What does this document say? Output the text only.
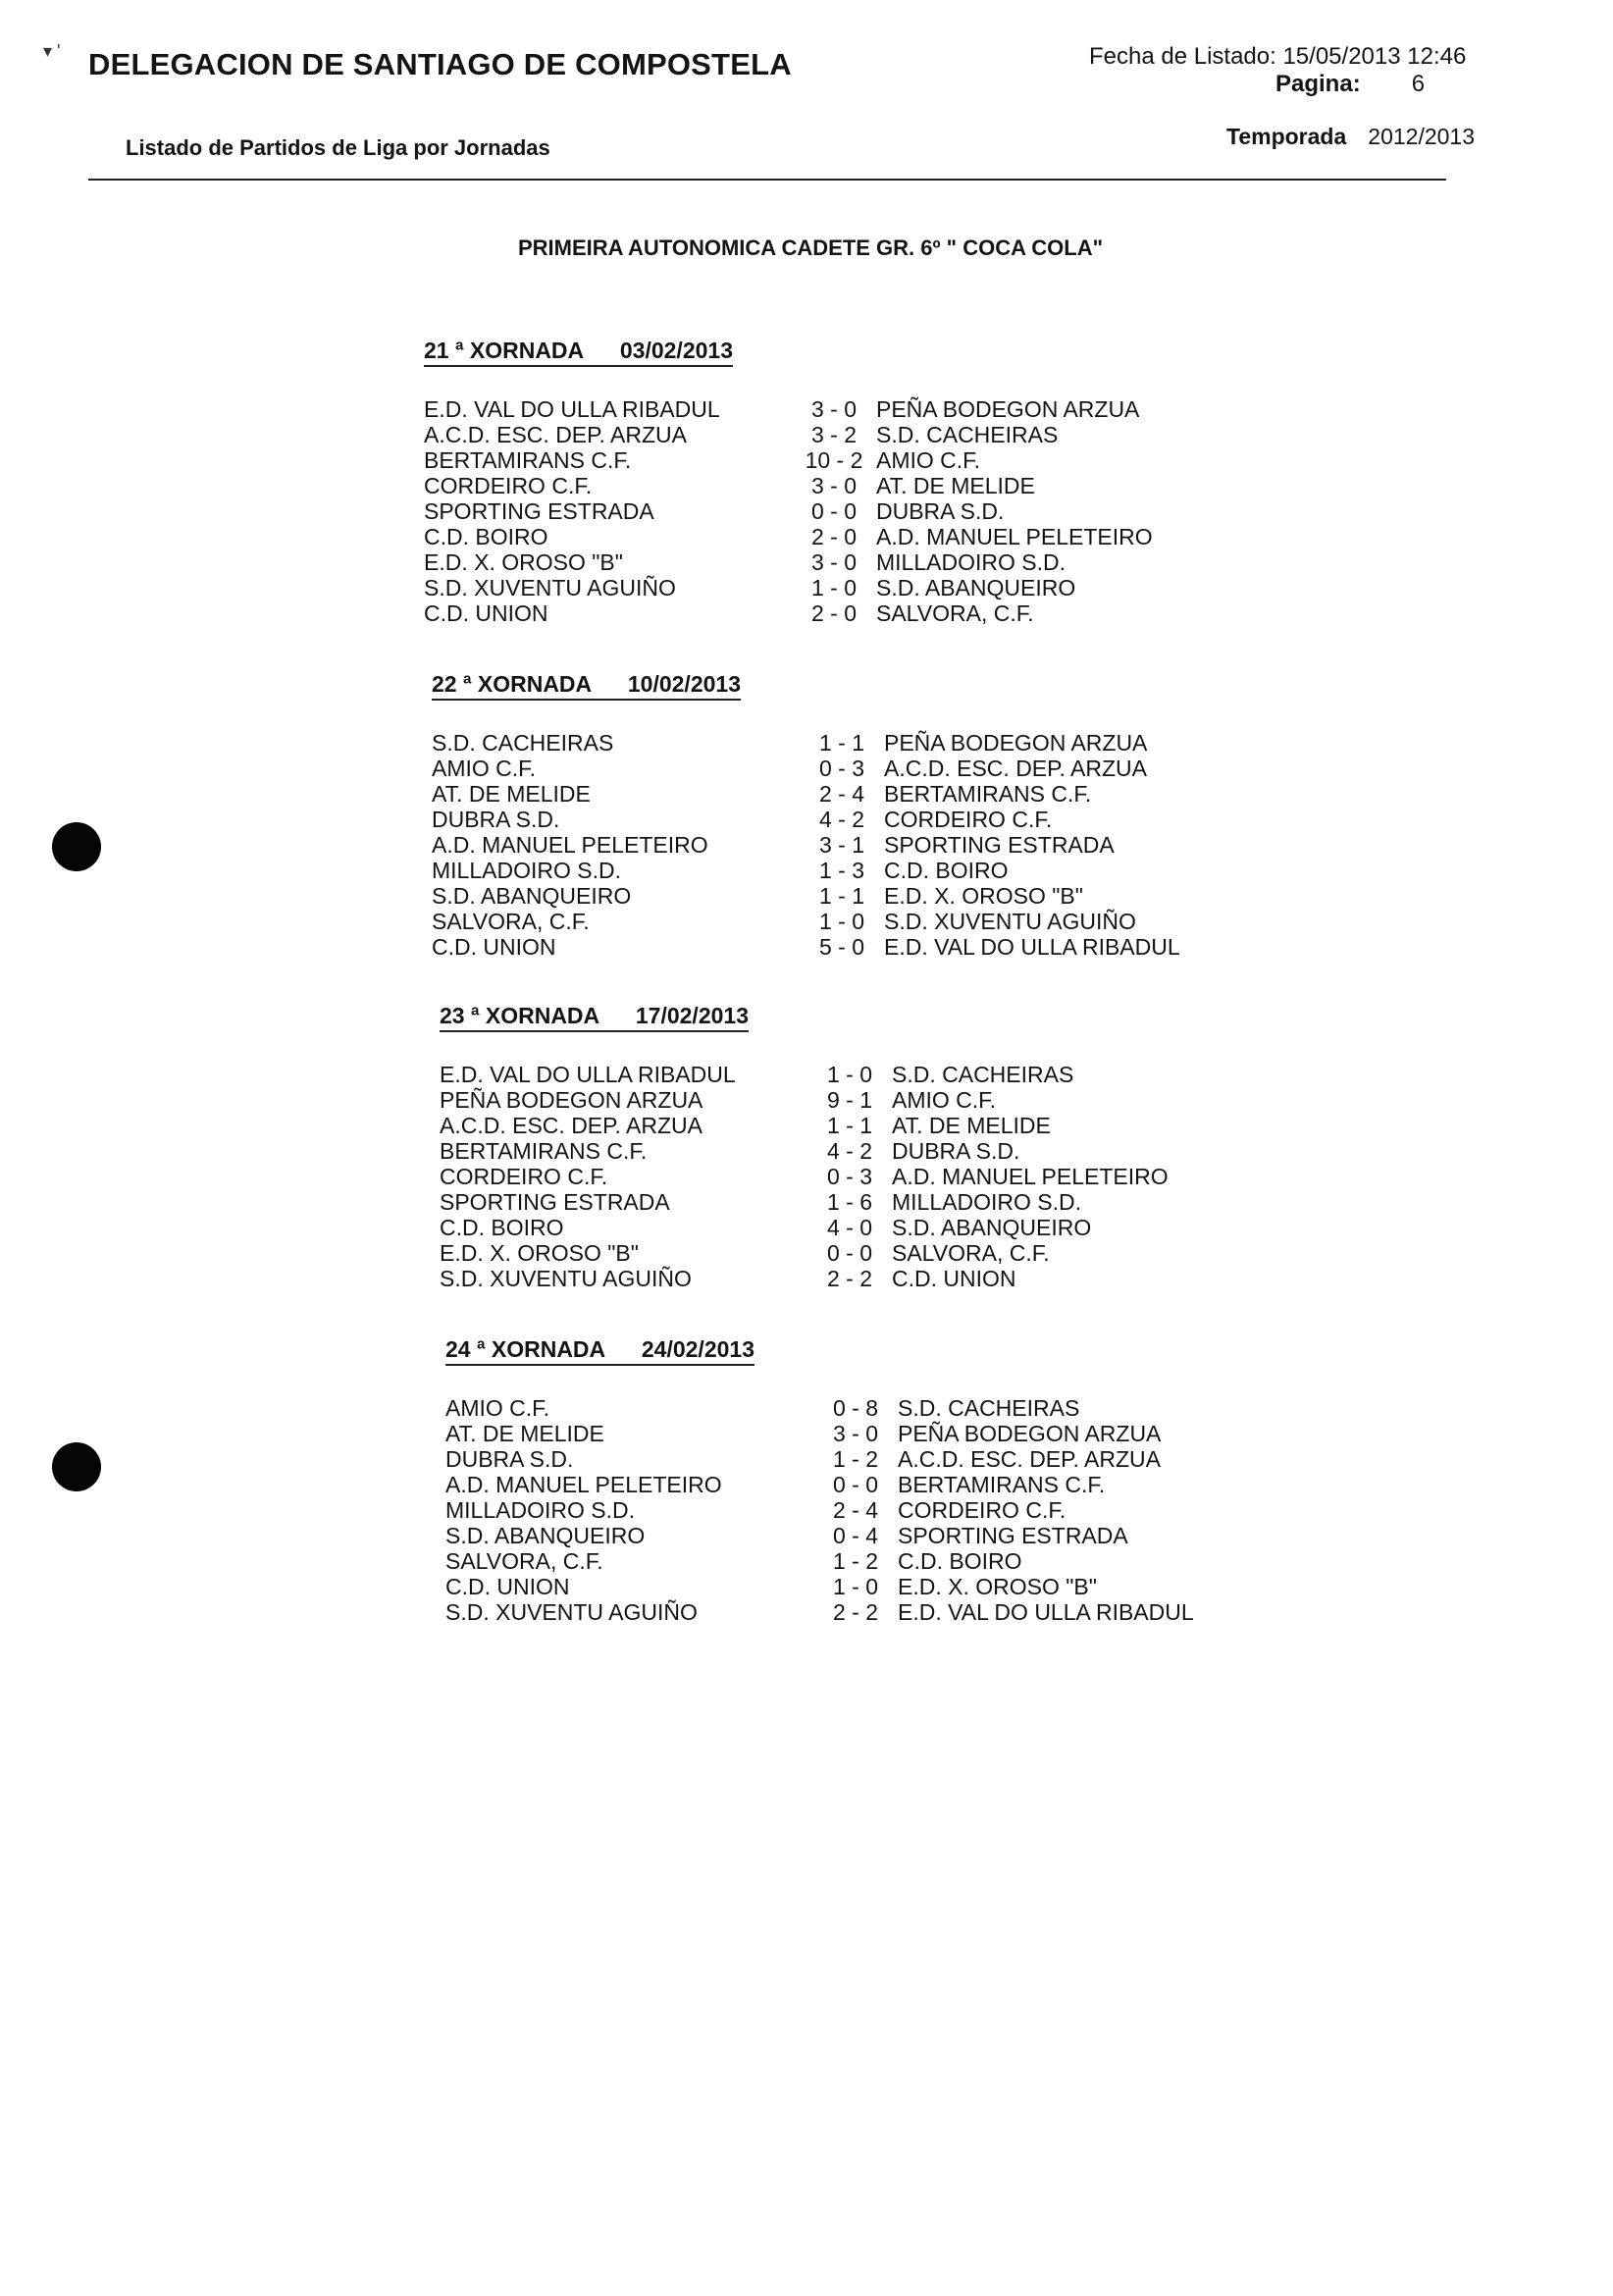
▾ ' DELEGACION DE SANTIAGO DE COMPOSTELA	Fecha de Listado: 15/05/2013 12:46
Pagina: 6
Listado de Partidos de Liga por Jornadas	Temporada 2012/2013
PRIMEIRA AUTONOMICA CADETE GR. 6º " COCA COLA"
21 ª XORNADA 03/02/2013
E.D. VAL DO ULLA RIBADUL	3 - 0 PEÑA BODEGON ARZUA
A.C.D. ESC. DEP. ARZUA	3 - 2 S.D. CACHEIRAS
BERTAMIRANS C.F.	10 - 2 AMIO C.F.
CORDEIRO C.F.	3 - 0 AT. DE MELIDE
SPORTING ESTRADA	0 - 0 DUBRA S.D.
C.D. BOIRO	2 - 0 A.D. MANUEL PELETEIRO
E.D. X. OROSO "B"	3 - 0 MILLADOIRO S.D.
S.D. XUVENTU AGUIÑO	1 - 0 S.D. ABANQUEIRO
C.D. UNION	2 - 0 SALVORA, C.F.
22 ª XORNADA 10/02/2013
S.D. CACHEIRAS	1 - 1 PEÑA BODEGON ARZUA
AMIO C.F.	0 - 3 A.C.D. ESC. DEP. ARZUA
AT. DE MELIDE	2 - 4 BERTAMIRANS C.F.
DUBRA S.D.	4 - 2 CORDEIRO C.F.
A.D. MANUEL PELETEIRO	3 - 1 SPORTING ESTRADA
MILLADOIRO S.D.	1 - 3 C.D. BOIRO
S.D. ABANQUEIRO	1 - 1 E.D. X. OROSO "B"
SALVORA, C.F.	1 - 0 S.D. XUVENTU AGUIÑO
C.D. UNION	5 - 0 E.D. VAL DO ULLA RIBADUL
23 ª XORNADA 17/02/2013
E.D. VAL DO ULLA RIBADUL	1 - 0 S.D. CACHEIRAS
PEÑA BODEGON ARZUA	9 - 1 AMIO C.F.
A.C.D. ESC. DEP. ARZUA	1 - 1 AT. DE MELIDE
BERTAMIRANS C.F.	4 - 2 DUBRA S.D.
CORDEIRO C.F.	0 - 3 A.D. MANUEL PELETEIRO
SPORTING ESTRADA	1 - 6 MILLADOIRO S.D.
C.D. BOIRO	4 - 0 S.D. ABANQUEIRO
E.D. X. OROSO "B"	0 - 0 SALVORA, C.F.
S.D. XUVENTU AGUIÑO	2 - 2 C.D. UNION
24 ª XORNADA 24/02/2013
AMIO C.F.	0 - 8 S.D. CACHEIRAS
AT. DE MELIDE	3 - 0 PEÑA BODEGON ARZUA
DUBRA S.D.	1 - 2 A.C.D. ESC. DEP. ARZUA
A.D. MANUEL PELETEIRO	0 - 0 BERTAMIRANS C.F.
MILLADOIRO S.D.	2 - 4 CORDEIRO C.F.
S.D. ABANQUEIRO	0 - 4 SPORTING ESTRADA
SALVORA, C.F.	1 - 2 C.D. BOIRO
C.D. UNION	1 - 0 E.D. X. OROSO "B"
S.D. XUVENTU AGUIÑO	2 - 2 E.D. VAL DO ULLA RIBADUL
